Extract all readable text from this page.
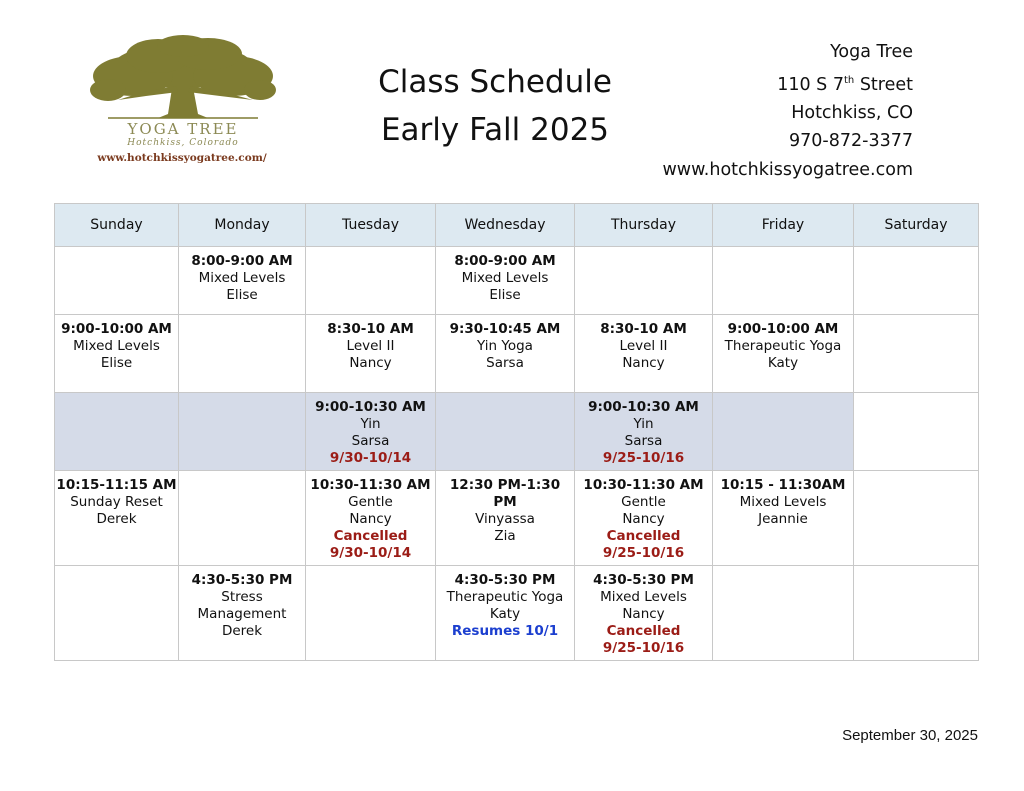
YOGA TREE
Hotchkiss, Colorado
www.hotchkissyogatree.com/
Class Schedule
Early Fall 2025
Yoga Tree
110 S 7th Street
Hotchkiss, CO
970-872-3377
www.hotchkissyogatree.com
Sunday	Monday	Tuesday	Wednesday	Thursday	Friday	Saturday

	8:00-9:00 AM
Mixed Levels
Elise		8:00-9:00 AM
Mixed Levels
Elise			

9:00-10:00 AM
Mixed Levels
Elise		8:30-10 AM
Level II
Nancy	9:30-10:45 AM
Yin Yoga
Sarsa	8:30-10 AM
Level II
Nancy	9:00-10:00 AM
Therapeutic Yoga
Katy	

		9:00-10:30 AM
Yin
Sarsa
9/30-10/14		9:00-10:30 AM
Yin
Sarsa
9/25-10/16		

10:15-11:15 AM
Sunday Reset
Derek		10:30-11:30 AM
Gentle
Nancy
Cancelled
9/30-10/14	12:30 PM-1:30 PM
Vinyassa
Zia	10:30-11:30 AM
Gentle
Nancy
Cancelled
9/25-10/16	10:15 - 11:30AM
Mixed Levels
Jeannie	

	4:30-5:30 PM
Stress
Management
Derek		4:30-5:30 PM
Therapeutic Yoga
Katy
Resumes 10/1	4:30-5:30 PM
Mixed Levels
Nancy
Cancelled
9/25-10/16		

September 30, 2025
